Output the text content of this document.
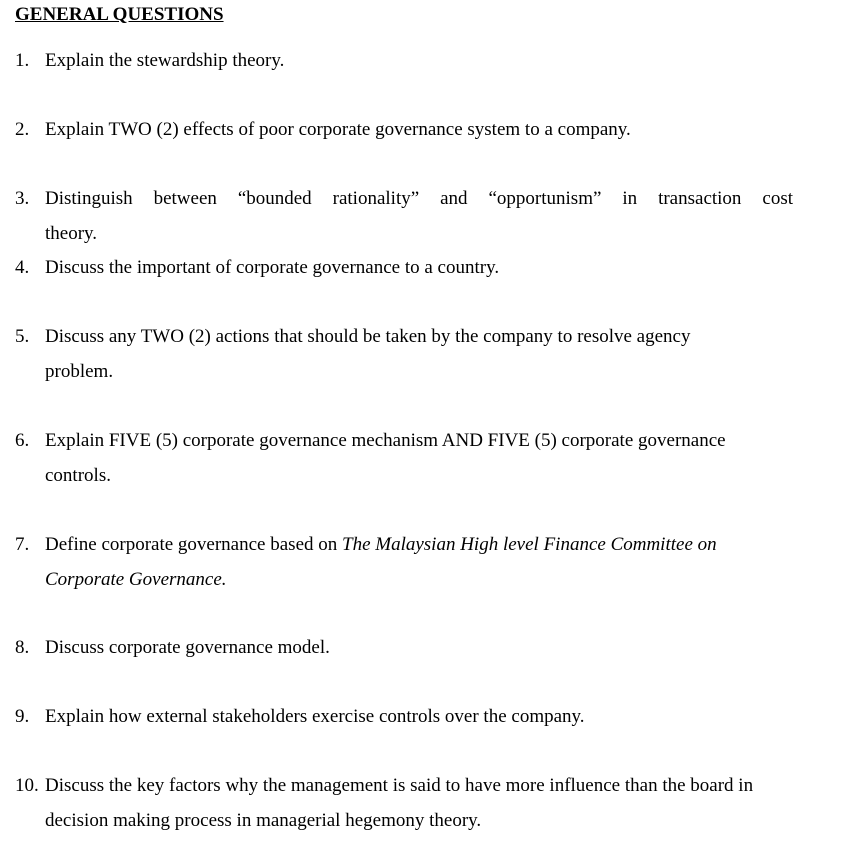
GENERAL QUESTIONS
1. Explain the stewardship theory.
2. Explain TWO (2) effects of poor corporate governance system to a company.
3. Distinguish between “bounded rationality” and “opportunism” in transaction cost
theory.
4. Discuss the important of corporate governance to a country.
5. Discuss any TWO (2) actions that should be taken by the company to resolve agency
problem.
6. Explain FIVE (5) corporate governance mechanism AND FIVE (5) corporate governance
controls.
7. Define corporate governance based on The Malaysian High level Finance Committee on
Corporate Governance.
8. Discuss corporate governance model.
9. Explain how external stakeholders exercise controls over the company.
10. Discuss the key factors why the management is said to have more influence than the board in
decision making process in managerial hegemony theory.
